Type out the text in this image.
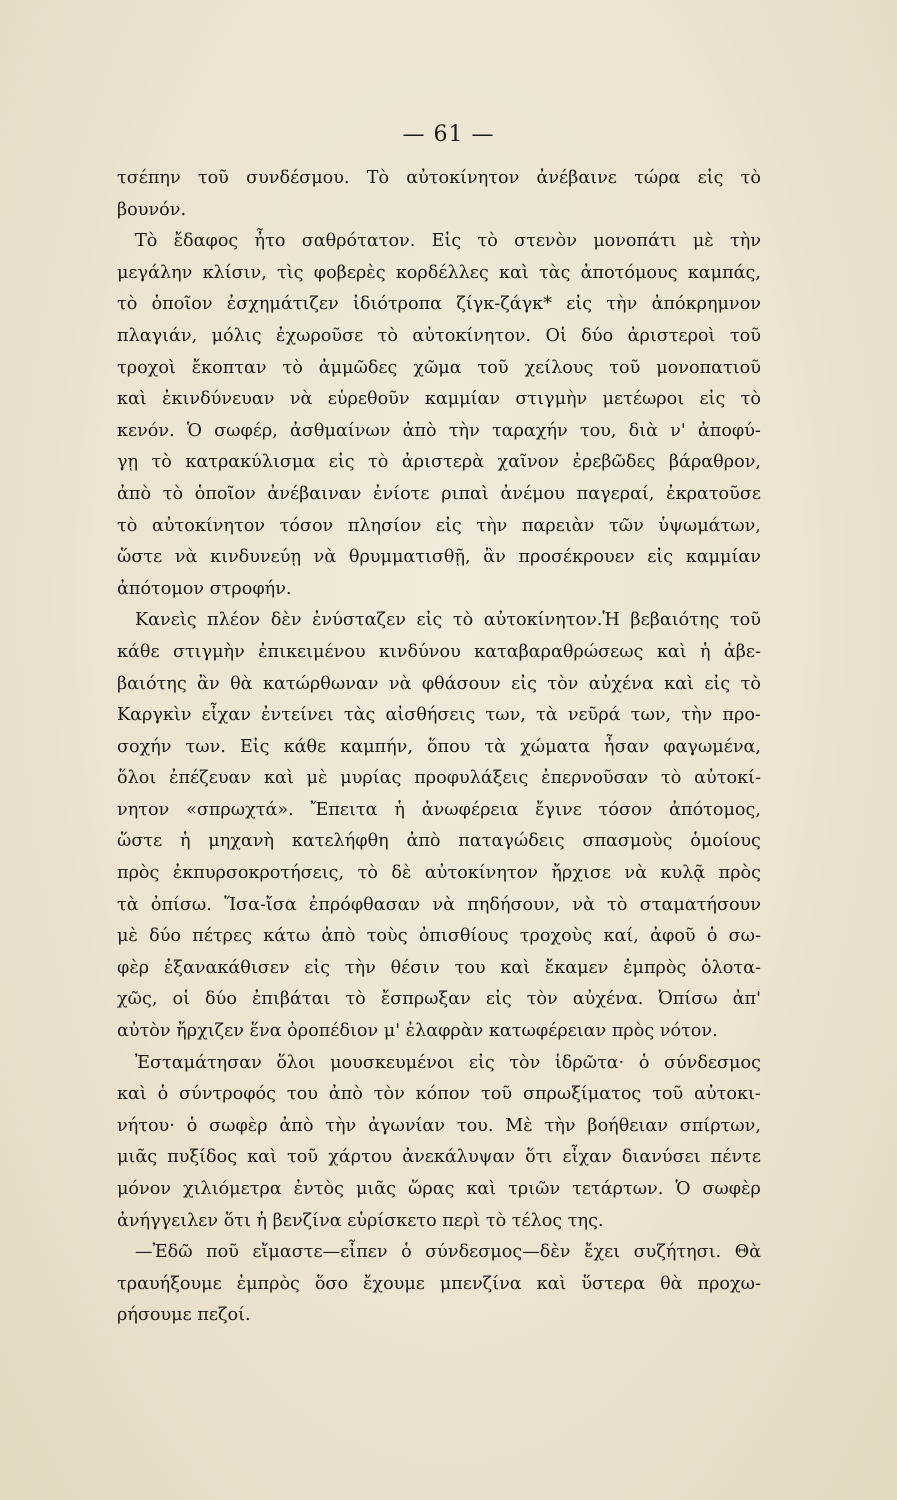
— 61 —
τσέπην τοῦ συνδέσμου. Τὸ αὐτοκίνητον ἀνέβαινε τώρα εἰς τὸ
βουνόν.
Τὸ ἔδαφος ἦτο σαθρότατον. Εἰς τὸ στενὸν μονοπάτι μὲ τὴν
μεγάλην κλίσιν, τὶς φοβερὲς κορδέλλες καὶ τὰς ἀποτόμους καμπάς,
τὸ ὁποῖον ἐσχημάτιζεν ἰδιότροπα ζίγκ-ζάγκ* εἰς τὴν ἀπόκρημνον
πλαγιάν, μόλις ἐχωροῦσε τὸ αὐτοκίνητον. Οἱ δύο ἀριστεροὶ τοῦ
τροχοὶ ἔκοπταν τὸ ἀμμῶδες χῶμα τοῦ χείλους τοῦ μονοπατιοῦ
καὶ ἐκινδύνευαν νὰ εὑρεθοῦν καμμίαν στιγμὴν μετέωροι εἰς τὸ
κενόν. Ὁ σωφέρ, ἀσθμαίνων ἀπὸ τὴν ταραχήν του, διὰ ν' ἀποφύ-
γῃ τὸ κατρακύλισμα εἰς τὸ ἀριστερὰ χαῖνον ἐρεβῶδες βάραθρον,
ἀπὸ τὸ ὁποῖον ἀνέβαιναν ἐνίοτε ριπαὶ ἀνέμου παγεραί, ἐκρατοῦσε
τὸ αὐτοκίνητον τόσον πλησίον εἰς τὴν παρειὰν τῶν ὑψωμάτων,
ὥστε νὰ κινδυνεύῃ νὰ θρυμματισθῇ, ἂν προσέκρουεν εἰς καμμίαν
ἀπότομον στροφήν.
Κανεὶς πλέον δὲν ἐνύσταζεν εἰς τὸ αὐτοκίνητον.Ἡ βεβαιότης τοῦ
κάθε στιγμὴν ἐπικειμένου κινδύνου καταβαραθρώσεως καὶ ἡ ἀβε-
βαιότης ἂν θὰ κατώρθωναν νὰ φθάσουν εἰς τὸν αὐχένα καὶ εἰς τὸ
Καργκὶν εἶχαν ἐντείνει τὰς αἰσθήσεις των, τὰ νεῦρά των, τὴν προ-
σοχήν των. Εἰς κάθε καμπήν, ὅπου τὰ χώματα ἦσαν φαγωμένα,
ὅλοι ἐπέζευαν καὶ μὲ μυρίας προφυλάξεις ἐπερνοῦσαν τὸ αὐτοκί-
νητον «σπρωχτά». Ἔπειτα ἡ ἀνωφέρεια ἔγινε τόσον ἀπότομος,
ὥστε ἡ μηχανὴ κατελήφθη ἀπὸ παταγώδεις σπασμοὺς ὁμοίους
πρὸς ἐκπυρσοκροτήσεις, τὸ δὲ αὐτοκίνητον ἤρχισε νὰ κυλᾷ πρὸς
τὰ ὀπίσω. Ἴσα-ἴσα ἐπρόφθασαν νὰ πηδήσουν, νὰ τὸ σταματήσουν
μὲ δύο πέτρες κάτω ἀπὸ τοὺς ὀπισθίους τροχοὺς καί, ἀφοῦ ὁ σω-
φὲρ ἐξανακάθισεν εἰς τὴν θέσιν του καὶ ἔκαμεν ἐμπρὸς ὁλοτα-
χῶς, οἱ δύο ἐπιβάται τὸ ἔσπρωξαν εἰς τὸν αὐχένα. Ὀπίσω ἀπ'
αὐτὸν ἤρχιζεν ἕνα ὀροπέδιον μ' ἐλαφρὰν κατωφέρειαν πρὸς νότον.
Ἐσταμάτησαν ὅλοι μουσκευμένοι εἰς τὸν ἱδρῶτα· ὁ σύνδεσμος
καὶ ὁ σύντροφός του ἀπὸ τὸν κόπον τοῦ σπρωξίματος τοῦ αὐτοκι-
νήτου· ὁ σωφὲρ ἀπὸ τὴν ἀγωνίαν του. Μὲ τὴν βοήθειαν σπίρτων,
μιᾶς πυξίδος καὶ τοῦ χάρτου ἀνεκάλυψαν ὅτι εἶχαν διανύσει πέντε
μόνον χιλιόμετρα ἐντὸς μιᾶς ὥρας καὶ τριῶν τετάρτων. Ὁ σωφὲρ
ἀνήγγειλεν ὅτι ἡ βενζίνα εὑρίσκετο περὶ τὸ τέλος της.
—Ἐδῶ ποῦ εἴμαστε—εἶπεν ὁ σύνδεσμος—δὲν ἔχει συζήτησι. Θὰ
τραυήξουμε ἐμπρὸς ὅσο ἔχουμε μπενζίνα καὶ ὕστερα θὰ προχω-
ρήσουμε πεζοί.
